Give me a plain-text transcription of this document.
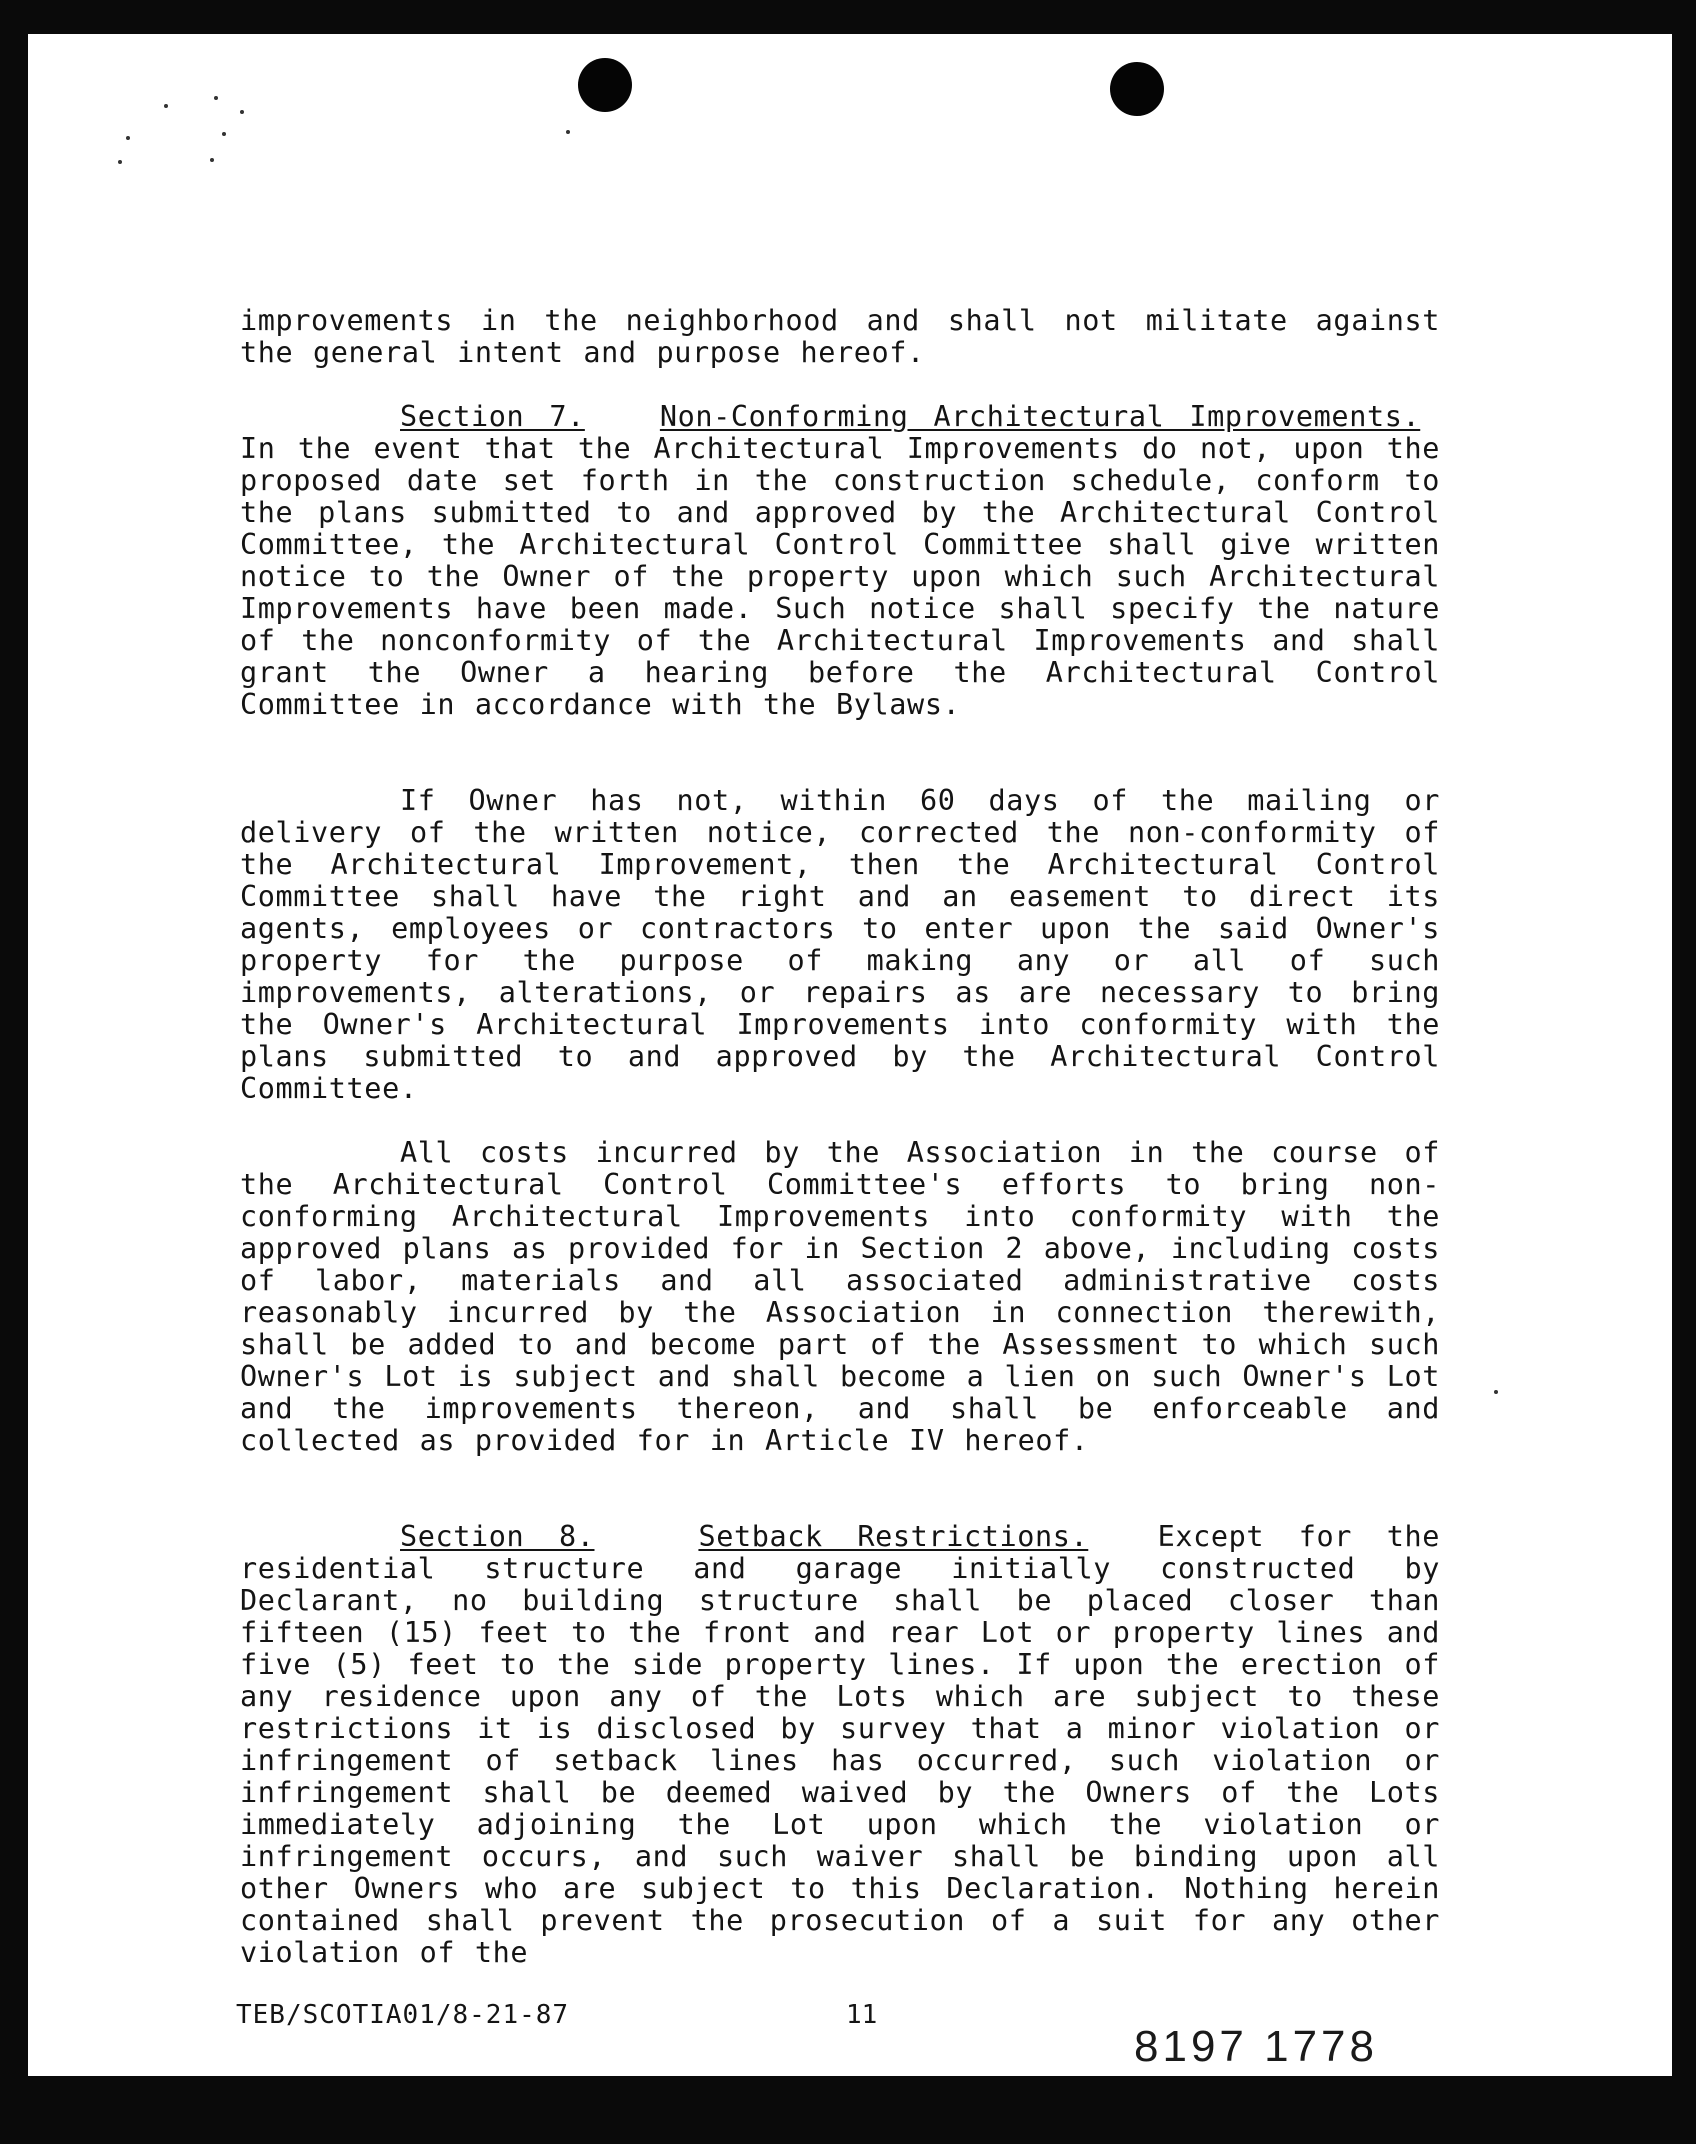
improvements in the neighborhood and shall not militate against the general intent and purpose hereof.

Section 7.	Non-Conforming Architectural Improvements.  In the event that the Architectural Improvements do not, upon the proposed date set forth in the construction schedule, conform to the plans submitted to and approved by the Architectural Control Committee, the Architectural Control Committee shall give written notice to the Owner of the property upon which such Architectural Improvements have been made. Such notice shall specify the nature of the nonconformity of the Architectural Improvements and shall grant the Owner a hearing before the Architectural Control Committee in accordance with the Bylaws.

If Owner has not, within 60 days of the mailing or delivery of the written notice, corrected the non-conformity of the Architectural Improvement, then the Architectural Control Committee shall have the right and an easement to direct its agents, employees or contractors to enter upon the said Owner's property for the purpose of making any or all of such improvements, alterations, or repairs as are necessary to bring the Owner's Architectural Improvements into conformity with the plans submitted to and approved by the Architectural Control Committee.

All costs incurred by the Association in the course of the Architectural Control Committee's efforts to bring non-conforming Architectural Improvements into conformity with the approved plans as provided for in Section 2 above, including costs of labor, materials and all associated administrative costs reasonably incurred by the Association in connection therewith, shall be added to and become part of the Assessment to which such Owner's Lot is subject and shall become a lien on such Owner's Lot and the improvements thereon, and shall be enforceable and collected as provided for in Article IV hereof.

Section 8.	Setback Restrictions. Except for the residential structure and garage initially constructed by Declarant, no building structure shall be placed closer than fifteen (15) feet to the front and rear Lot or property lines and five (5) feet to the side property lines. If upon the erection of any residence upon any of the Lots which are subject to these restrictions it is disclosed by survey that a minor violation or infringement of setback lines has occurred, such violation or infringement shall be deemed waived by the Owners of the Lots immediately adjoining the Lot upon which the violation or infringement occurs, and such waiver shall be binding upon all other Owners who are subject to this Declaration. Nothing herein contained shall prevent the prosecution of a suit for any other violation of the

TEB/SCOTIA01/8-21-87	11
8197 1778
